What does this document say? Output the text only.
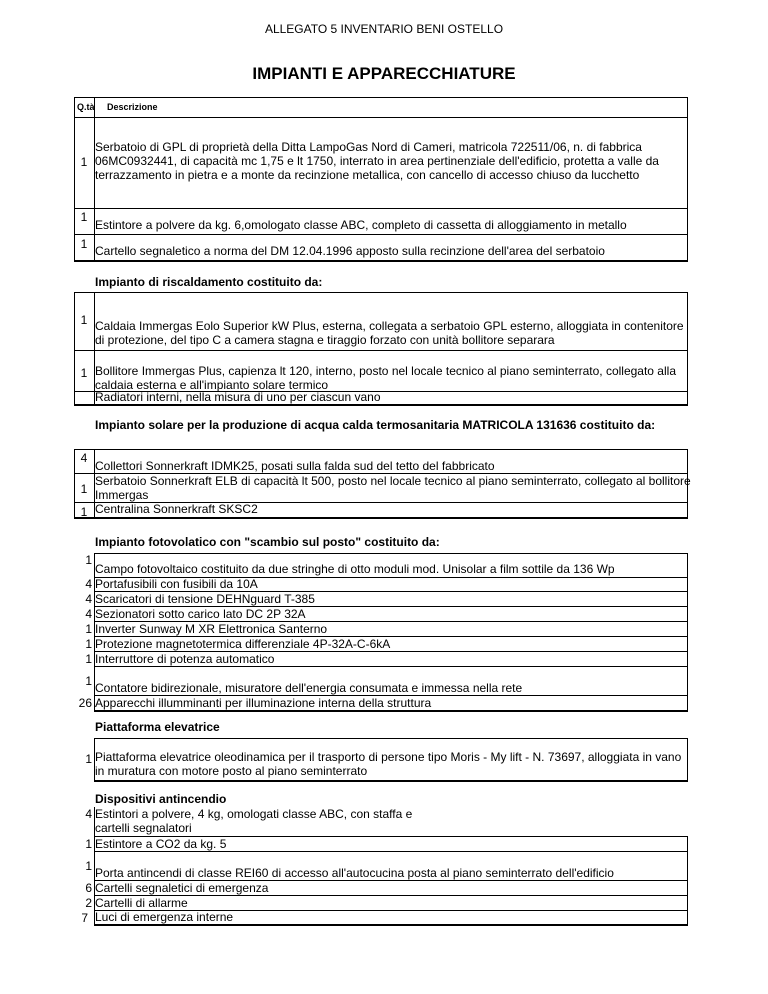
ALLEGATO 5 INVENTARIO BENI OSTELLO
IMPIANTI E APPARECCHIATURE
Q.tà Descrizione
1
Serbatoio di GPL di proprietà della Ditta LampoGas Nord di Cameri, matricola 722511/06, n. di fabbrica 06MC0932441, di capacità mc 1,75 e lt 1750, interrato in area pertinenziale dell'edificio, protetta a valle da terrazzamento in pietra e a monte da recinzione metallica, con cancello di accesso chiuso da lucchetto
1
Estintore a polvere da kg. 6,omologato classe ABC, completo di cassetta di alloggiamento in metallo
1 Cartello segnaletico a norma del DM 12.04.1996 apposto sulla recinzione dell'area del serbatoio
Impianto di riscaldamento costituito da:
1 Caldaia Immergas Eolo Superior kW Plus, esterna, collegata a serbatoio GPL esterno, alloggiata in contenitore di protezione, del tipo C a camera stagna e tiraggio forzato con unità bollitore separara
1 Bollitore Immergas Plus, capienza lt 120, interno, posto nel locale tecnico al piano seminterrato, collegato alla caldaia esterna e all'impianto solare termico
Radiatori interni, nella misura di uno per ciascun vano
Impianto solare per la produzione di acqua calda termosanitaria MATRICOLA 131636 costituito da:
4
Collettori Sonnerkraft IDMK25, posati sulla falda sud del tetto del fabbricato
1
Serbatoio Sonnerkraft ELB di capacità lt 500, posto nel locale tecnico al piano seminterrato, collegato al bollitore Immergas
1 Centralina Sonnerkraft SKSC2
Impianto fotovolatico con "scambio sul posto" costituito da:
1
Campo fotovoltaico costituito da due stringhe di otto moduli mod. Unisolar a film sottile da 136 Wp
4 Portafusibili con fusibili da 10A
4 Scaricatori di tensione DEHNguard T-385
4 Sezionatori sotto carico lato DC 2P 32A
1 Inverter Sunway M XR Elettronica Santerno
1 Protezione magnetotermica differenziale 4P-32A-C-6kA
1 Interruttore di potenza automatico
1 Contatore bidirezionale, misuratore dell'energia consumata e immessa nella rete
26 Apparecchi illumminanti per illuminazione interna della struttura
Piattaforma elevatrice
1 Piattaforma elevatrice oleodinamica per il trasporto di persone tipo Moris - My lift - N. 73697, alloggiata in vano in muratura con motore posto al piano seminterrato
Dispositivi antincendio
4 Estintori a polvere, 4 kg, omologati classe ABC, con staffa e cartelli segnalatori
1 Estintore a CO2 da kg. 5
1 Porta antincendi di classe REI60 di accesso all'autocucina posta al piano seminterrato dell'edificio
6 Cartelli segnaletici di emergenza
2 Cartelli di allarme
7 Luci di emergenza interne
